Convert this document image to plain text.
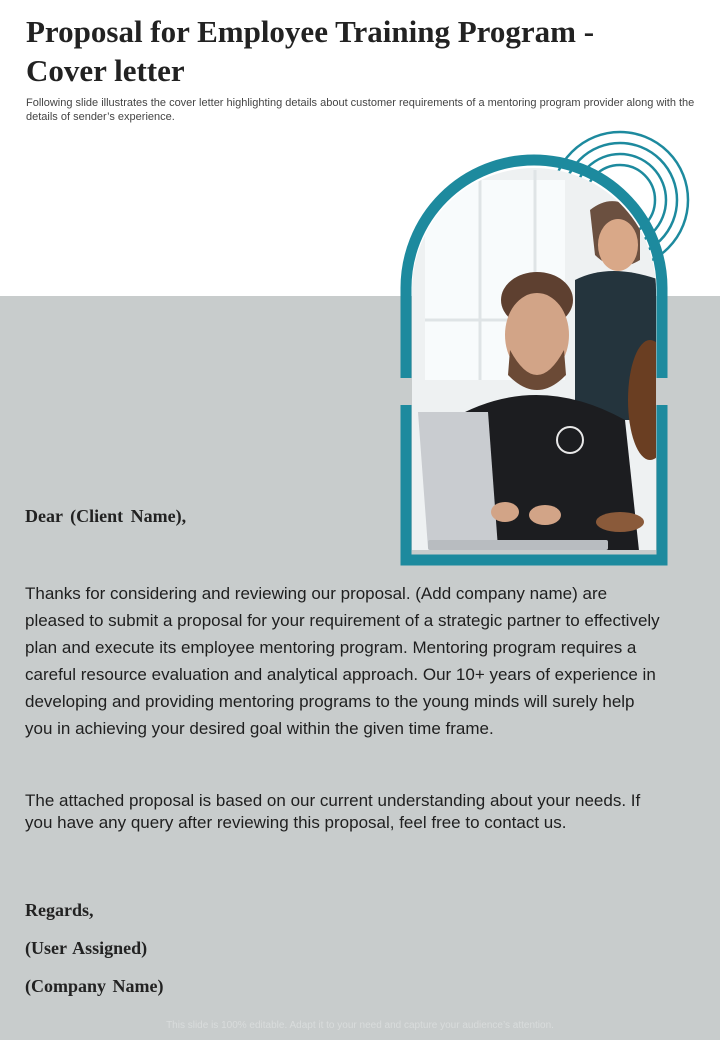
Proposal for Employee Training Program - Cover letter

Following slide illustrates the cover letter highlighting details about customer requirements of a mentoring program provider along with the details of sender’s experience.

Dear (Client Name),

Thanks for considering and reviewing our proposal. (Add company name) are pleased to submit a proposal for your requirement of a strategic partner to effectively plan and execute its employee mentoring program. Mentoring program requires a careful resource evaluation and analytical approach. Our 10+ years of experience in developing and providing mentoring programs to the young minds will surely help you in achieving your desired goal within the given time frame.

The attached proposal is based on our current understanding about your needs. If you have any query after reviewing this proposal, feel free to contact us.

Regards,

(User Assigned)

(Company Name)

This slide is 100% editable. Adapt it to your need and capture your audience’s attention.
